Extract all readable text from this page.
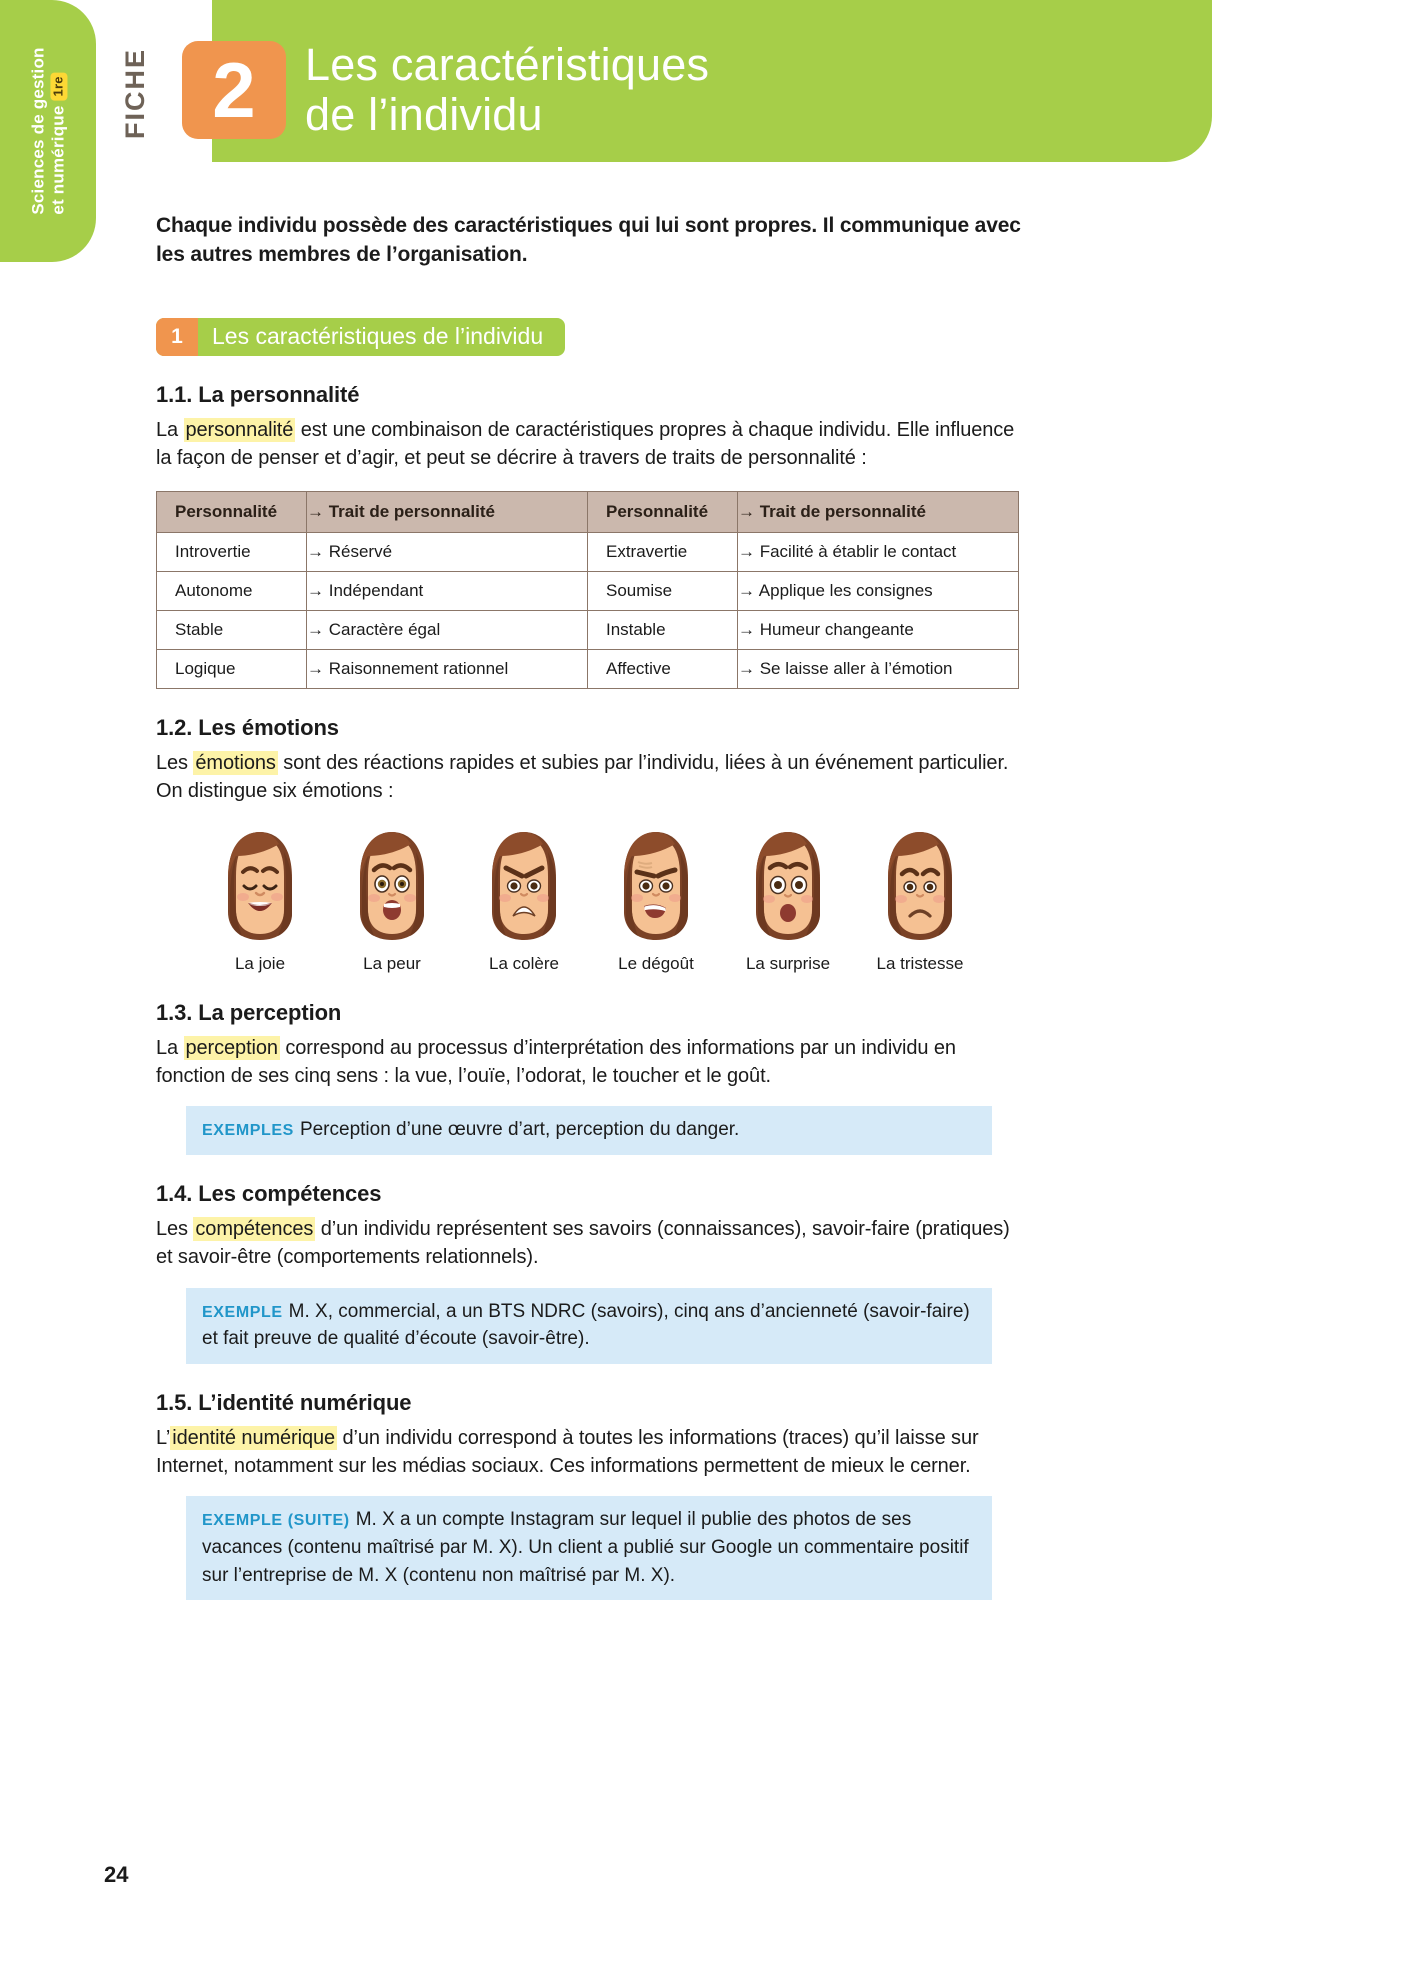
Sciences de gestion et numérique1re FICHE 2	Les caractéristiques
de l’individu

Chaque individu possède des caractéristiques qui lui sont propres. Il communique avec les autres membres de l’organisation.

1	Les caractéristiques de l’individu
1.1. La personnalité

La personnalité est une combinaison de caractéristiques propres à chaque individu. Elle influence la façon de penser et d’agir, et peut se décrire à travers de traits de personnalité :

Personnalité	→ Trait de personnalité	Personnalité	→ Trait de personnalité
Introvertie	→ Réservé	Extravertie	→ Facilité à établir le contact
Autonome	→ Indépendant	Soumise	→ Applique les consignes
Stable	→ Caractère égal	Instable	→ Humeur changeante
Logique	→ Raisonnement rationnel	Affective	→ Se laisse aller à l’émotion
1.2. Les émotions

Les émotions sont des réactions rapides et subies par l’individu, liées à un événement particulier. On distingue six émotions :

La joie	La peur	La colère	Le dégoût	La surprise	La tristesse
1.3. La perception

La perception correspond au processus d’interprétation des informations par un individu en fonction de ses cinq sens : la vue, l’ouïe, l’odorat, le toucher et le goût.

EXEMPLES Perception d’une œuvre d’art, perception du danger.
1.4. Les compétences

Les compétences d’un individu représentent ses savoirs (connaissances), savoir-faire (pratiques) et savoir-être (comportements relationnels).

EXEMPLE M. X, commercial, a un BTS NDRC (savoirs), cinq ans d’ancienneté (savoir-faire) et fait preuve de qualité d’écoute (savoir-être).
1.5. L’identité numérique

L’ identité numérique d’un individu correspond à toutes les informations (traces) qu’il laisse sur Internet, notamment sur les médias sociaux. Ces informations permettent de mieux le cerner.

EXEMPLE (SUITE) M. X a un compte Instagram sur lequel il publie des photos de ses vacances (contenu maîtrisé par M. X). Un client a publié sur Google un commentaire positif sur l’entreprise de M. X (contenu non maîtrisé par M. X).
24
